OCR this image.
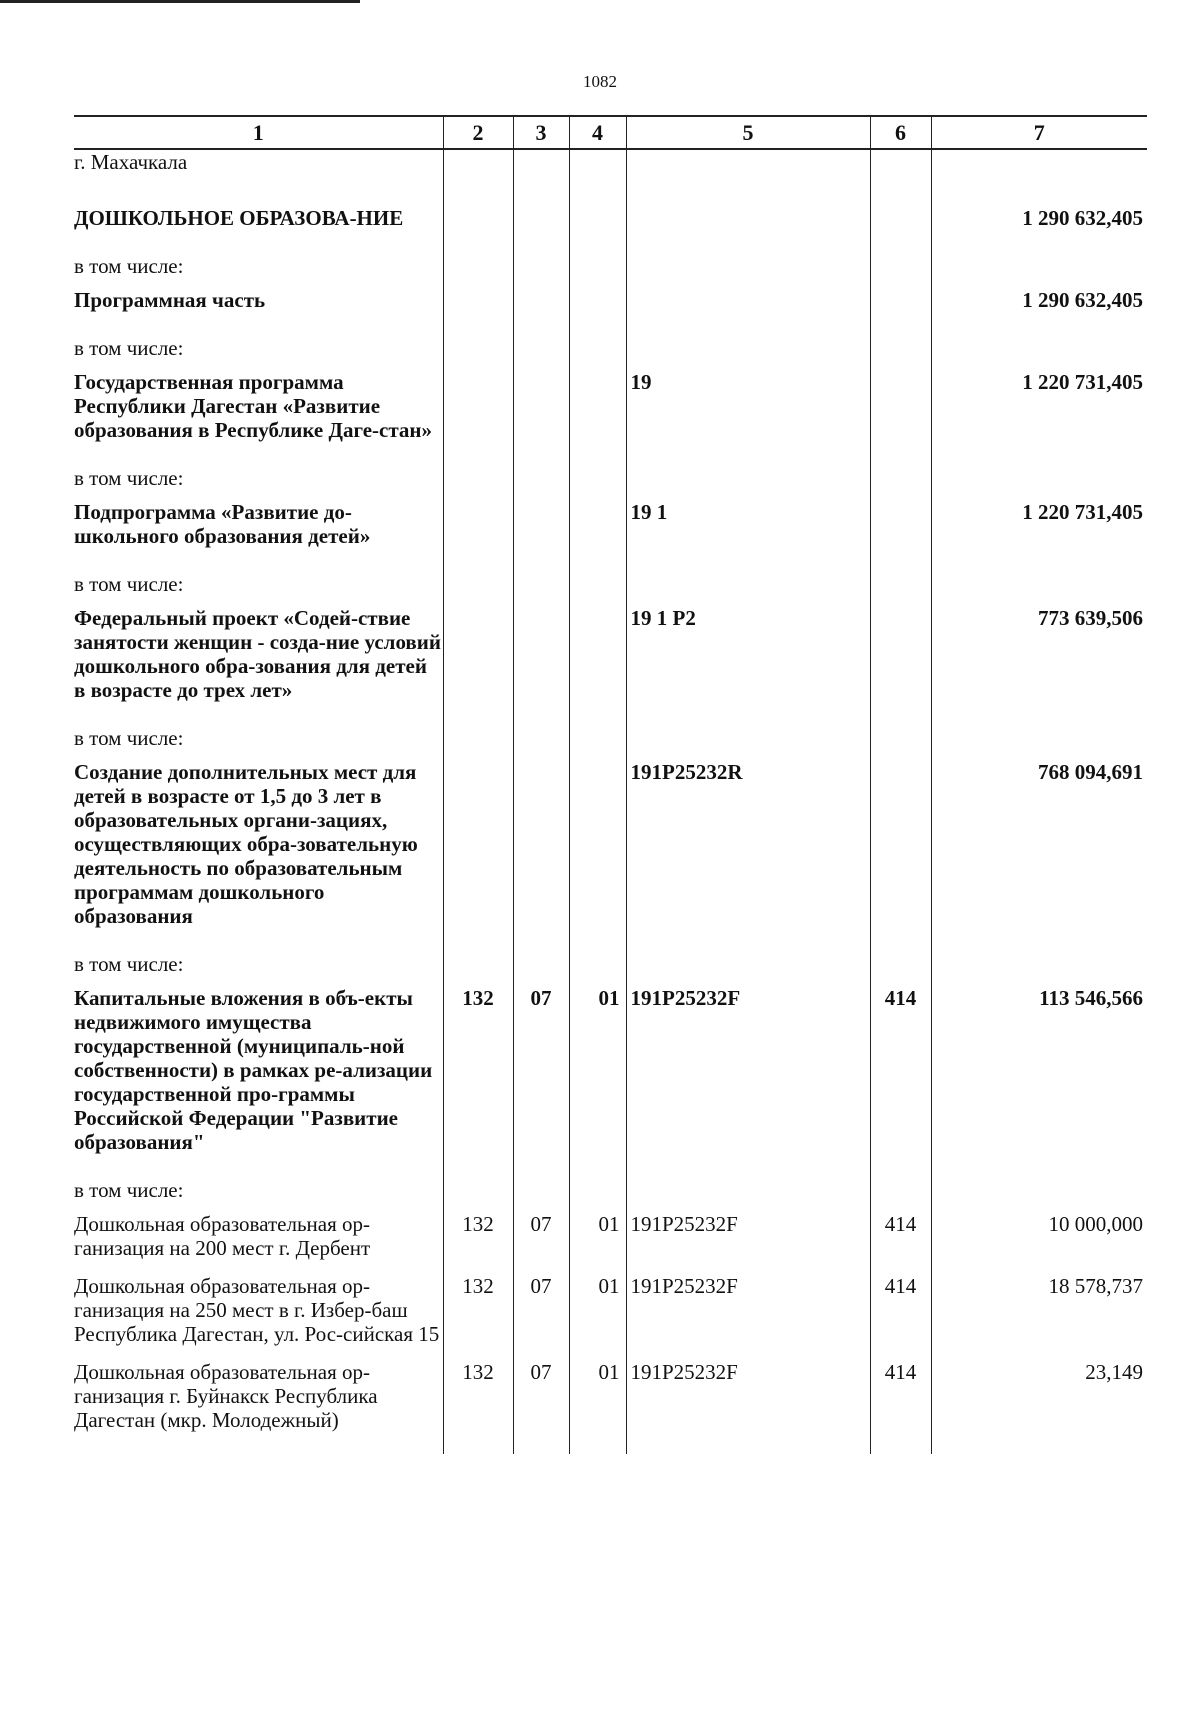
1082
1	2	3	4	5	6	7
г. Махачкала						
ДОШКОЛЬНОЕ ОБРАЗОВА-НИЕ						1 290 632,405
в том числе:						
Программная часть						1 290 632,405
в том числе:						
Государственная программа Республики Дагестан «Развитие образования в Республике Даге-стан»				19		1 220 731,405
в том числе:						
Подпрограмма «Развитие до-школьного образования детей»				19 1		1 220 731,405
в том числе:						
Федеральный проект «Содей-ствие занятости женщин - созда-ние условий дошкольного обра-зования для детей в возрасте до трех лет»				19 1 P2		773 639,506
в том числе:						
Создание дополнительных мест для детей в возрасте от 1,5 до 3 лет в образовательных органи-зациях, осуществляющих обра-зовательную деятельность по образовательным программам дошкольного образования				191P25232R		768 094,691
в том числе:						
Капитальные вложения в объ-екты недвижимого имущества государственной (муниципаль-ной собственности) в рамках ре-ализации государственной про-граммы Российской Федерации "Развитие образования"	132	07	01	191P25232F	414	113 546,566
в том числе:						
Дошкольная образовательная ор-ганизация на 200 мест г. Дербент	132	07	01	191P25232F	414	10 000,000
Дошкольная образовательная ор-ганизация на 250 мест в г. Избер-баш Республика Дагестан, ул. Рос-сийская 15	132	07	01	191P25232F	414	18 578,737
Дошкольная образовательная ор-ганизация г. Буйнакск Республика Дагестан (мкр. Молодежный)	132	07	01	191P25232F	414	23,149
